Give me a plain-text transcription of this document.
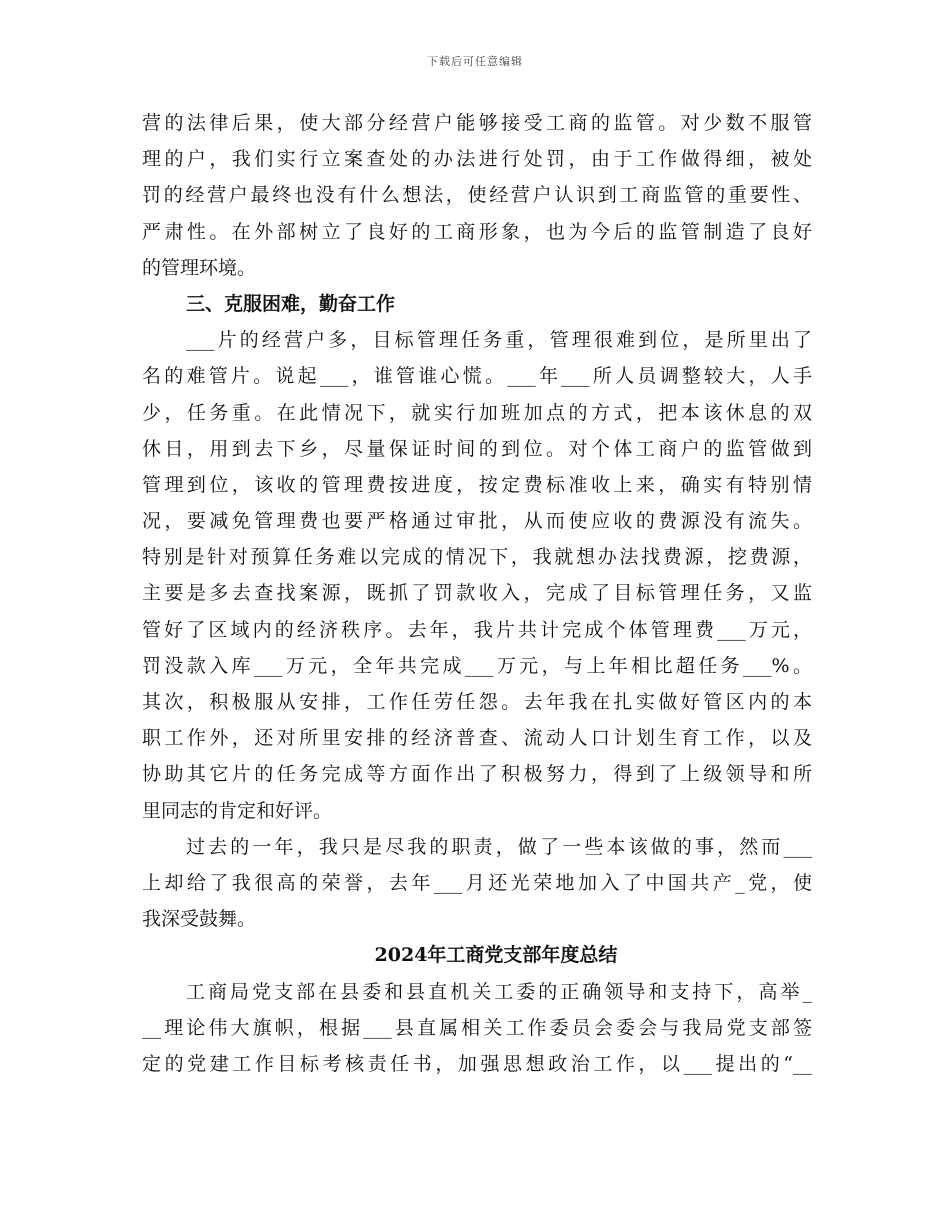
下载后可任意编辑
营的法律后果，使大部分经营户能够接受工商的监管。对少数不服管
理的户，我们实行立案查处的办法进行处罚，由于工作做得细，被处
罚的经营户最终也没有什么想法，使经营户认识到工商监管的重要性、
严肃性。在外部树立了良好的工商形象，也为今后的监管制造了良好
的管理环境。
三、克服困难，勤奋工作
___片的经营户多，目标管理任务重，管理很难到位，是所里出了
名的难管片。说起___，谁管谁心慌。___年___所人员调整较大，人手
少，任务重。在此情况下，就实行加班加点的方式，把本该休息的双
休日，用到去下乡，尽量保证时间的到位。对个体工商户的监管做到
管理到位，该收的管理费按进度，按定费标准收上来，确实有特别情
况，要减免管理费也要严格通过审批，从而使应收的费源没有流失。
特别是针对预算任务难以完成的情况下，我就想办法找费源，挖费源，
主要是多去查找案源，既抓了罚款收入，完成了目标管理任务，又监
管好了区域内的经济秩序。去年，我片共计完成个体管理费___万元，
罚没款入库___万元，全年共完成___万元，与上年相比超任务___%。
其次，积极服从安排，工作任劳任怨。去年我在扎实做好管区内的本
职工作外，还对所里安排的经济普查、流动人口计划生育工作，以及
协助其它片的任务完成等方面作出了积极努力，得到了上级领导和所
里同志的肯定和好评。
过去的一年，我只是尽我的职责，做了一些本该做的事，然而___
上却给了我很高的荣誉，去年___月还光荣地加入了中国共产_党，使
我深受鼓舞。
2024年工商党支部年度总结
工商局党支部在县委和县直机关工委的正确领导和支持下，高举_
__理论伟大旗帜，根据___县直属相关工作委员会委会与我局党支部签
定的党建工作目标考核责任书，加强思想政治工作，以___提出的“__
